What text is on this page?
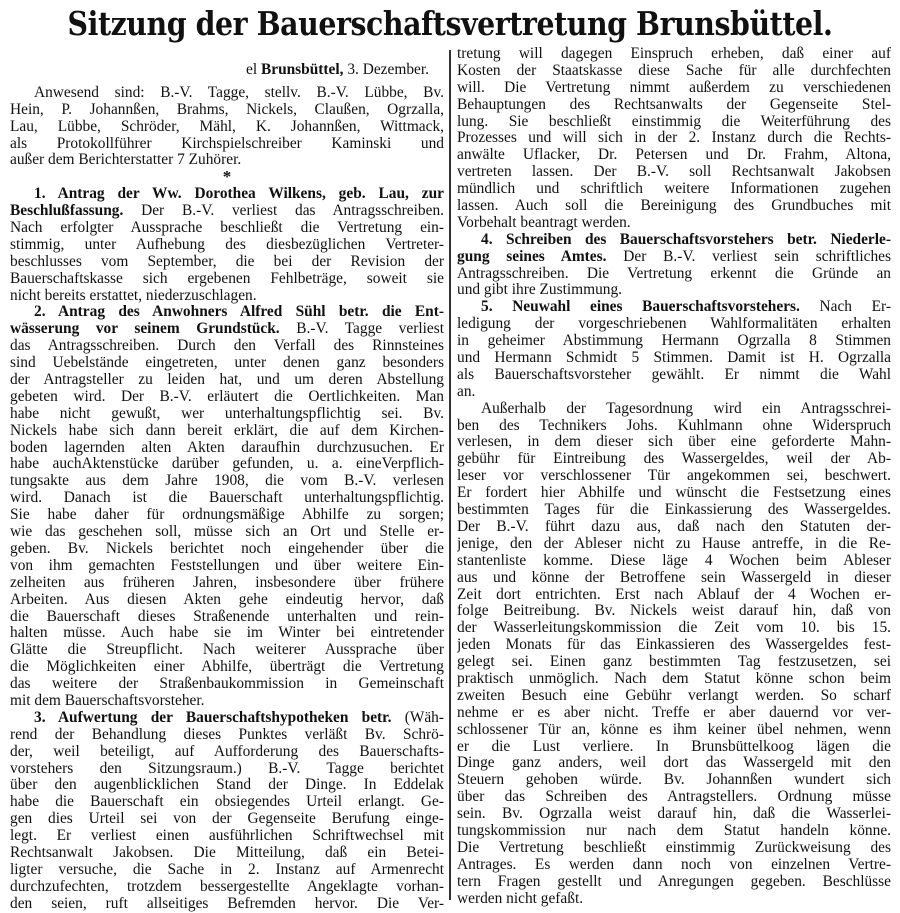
Sitzung der Bauerschaftsvertretung Brunsbüttel.
el Brunsbüttel, 3. Dezember.
Anwesend sind: B.-V. Tagge, stellv. B.-V. Lübbe, Bv.
Hein, P. Johannßen, Brahms, Nickels, Claußen, Ogrzalla,
Lau, Lübbe, Schröder, Mähl, K. Johannßen, Wittmack,
als Protokollführer Kirchspielschreiber Kaminski und
außer dem Berichterstatter 7 Zuhörer.
*
1. Antrag der Ww. Dorothea Wilkens, geb. Lau, zur
Beschlußfassung. Der B.-V. verliest das Antragsschreiben.
Nach erfolgter Aussprache beschließt die Vertretung ein-
stimmig, unter Aufhebung des diesbezüglichen Vertreter-
beschlusses vom September, die bei der Revision der
Bauerschaftskasse sich ergebenen Fehlbeträge, soweit sie
nicht bereits erstattet, niederzuschlagen.
2. Antrag des Anwohners Alfred Sühl betr. die Ent-
wässerung vor seinem Grundstück. B.-V. Tagge verliest
das Antragsschreiben. Durch den Verfall des Rinnsteines
sind Uebelstände eingetreten, unter denen ganz besonders
der Antragsteller zu leiden hat, und um deren Abstellung
gebeten wird. Der B.-V. erläutert die Oertlichkeiten. Man
habe nicht gewußt, wer unterhaltungspflichtig sei. Bv.
Nickels habe sich dann bereit erklärt, die auf dem Kirchen-
boden lagernden alten Akten daraufhin durchzusuchen. Er
habe auchAktenstücke darüber gefunden, u. a. eineVerpflich-
tungsakte aus dem Jahre 1908, die vom B.-V. verlesen
wird. Danach ist die Bauerschaft unterhaltungspflichtig.
Sie habe daher für ordnungsmäßige Abhilfe zu sorgen;
wie das geschehen soll, müsse sich an Ort und Stelle er-
geben. Bv. Nickels berichtet noch eingehender über die
von ihm gemachten Feststellungen und über weitere Ein-
zelheiten aus früheren Jahren, insbesondere über frühere
Arbeiten. Aus diesen Akten gehe eindeutig hervor, daß
die Bauerschaft dieses Straßenende unterhalten und rein-
halten müsse. Auch habe sie im Winter bei eintretender
Glätte die Streupflicht. Nach weiterer Aussprache über
die Möglichkeiten einer Abhilfe, überträgt die Vertretung
das weitere der Straßenbaukommission in Gemeinschaft
mit dem Bauerschaftsvorsteher.
3. Aufwertung der Bauerschaftshypotheken betr. (Wäh-
rend der Behandlung dieses Punktes verläßt Bv. Schrö-
der, weil beteiligt, auf Aufforderung des Bauerschafts-
vorstehers den Sitzungsraum.) B.-V. Tagge berichtet
über den augenblicklichen Stand der Dinge. In Eddelak
habe die Bauerschaft ein obsiegendes Urteil erlangt. Ge-
gen dies Urteil sei von der Gegenseite Berufung einge-
legt. Er verliest einen ausführlichen Schriftwechsel mit
Rechtsanwalt Jakobsen. Die Mitteilung, daß ein Betei-
ligter versuche, die Sache in 2. Instanz auf Armenrecht
durchzufechten, trotzdem bessergestellte Angeklagte vorhan-
den seien, ruft allseitiges Befremden hervor. Die Ver-
tretung will dagegen Einspruch erheben, daß einer auf
Kosten der Staatskasse diese Sache für alle durchfechten
will. Die Vertretung nimmt außerdem zu verschiedenen
Behauptungen des Rechtsanwalts der Gegenseite Stel-
lung. Sie beschließt einstimmig die Weiterführung des
Prozesses und will sich in der 2. Instanz durch die Rechts-
anwälte Uflacker, Dr. Petersen und Dr. Frahm, Altona,
vertreten lassen. Der B.-V. soll Rechtsanwalt Jakobsen
mündlich und schriftlich weitere Informationen zugehen
lassen. Auch soll die Bereinigung des Grundbuches mit
Vorbehalt beantragt werden.
4. Schreiben des Bauerschaftsvorstehers betr. Niederle-
gung seines Amtes. Der B.-V. verliest sein schriftliches
Antragsschreiben. Die Vertretung erkennt die Gründe an
und gibt ihre Zustimmung.
5. Neuwahl eines Bauerschaftsvorstehers. Nach Er-
ledigung der vorgeschriebenen Wahlformalitäten erhalten
in geheimer Abstimmung Hermann Ogrzalla 8 Stimmen
und Hermann Schmidt 5 Stimmen. Damit ist H. Ogrzalla
als Bauerschaftsvorsteher gewählt. Er nimmt die Wahl
an.
Außerhalb der Tagesordnung wird ein Antragsschrei-
ben des Technikers Johs. Kuhlmann ohne Widerspruch
verlesen, in dem dieser sich über eine geforderte Mahn-
gebühr für Eintreibung des Wassergeldes, weil der Ab-
leser vor verschlossener Tür angekommen sei, beschwert.
Er fordert hier Abhilfe und wünscht die Festsetzung eines
bestimmten Tages für die Einkassierung des Wassergeldes.
Der B.-V. führt dazu aus, daß nach den Statuten der-
jenige, den der Ableser nicht zu Hause antreffe, in die Re-
stantenliste komme. Diese läge 4 Wochen beim Ableser
aus und könne der Betroffene sein Wassergeld in dieser
Zeit dort entrichten. Erst nach Ablauf der 4 Wochen er-
folge Beitreibung. Bv. Nickels weist darauf hin, daß von
der Wasserleitungskommission die Zeit vom 10. bis 15.
jeden Monats für das Einkassieren des Wassergeldes fest-
gelegt sei. Einen ganz bestimmten Tag festzusetzen, sei
praktisch unmöglich. Nach dem Statut könne schon beim
zweiten Besuch eine Gebühr verlangt werden. So scharf
nehme er es aber nicht. Treffe er aber dauernd vor ver-
schlossener Tür an, könne es ihm keiner übel nehmen, wenn
er die Lust verliere. In Brunsbüttelkoog lägen die
Dinge ganz anders, weil dort das Wassergeld mit den
Steuern gehoben würde. Bv. Johannßen wundert sich
über das Schreiben des Antragstellers. Ordnung müsse
sein. Bv. Ogrzalla weist darauf hin, daß die Wasserlei-
tungskommission nur nach dem Statut handeln könne.
Die Vertretung beschließt einstimmig Zurückweisung des
Antrages. Es werden dann noch von einzelnen Vertre-
tern Fragen gestellt und Anregungen gegeben. Beschlüsse
werden nicht gefaßt.
